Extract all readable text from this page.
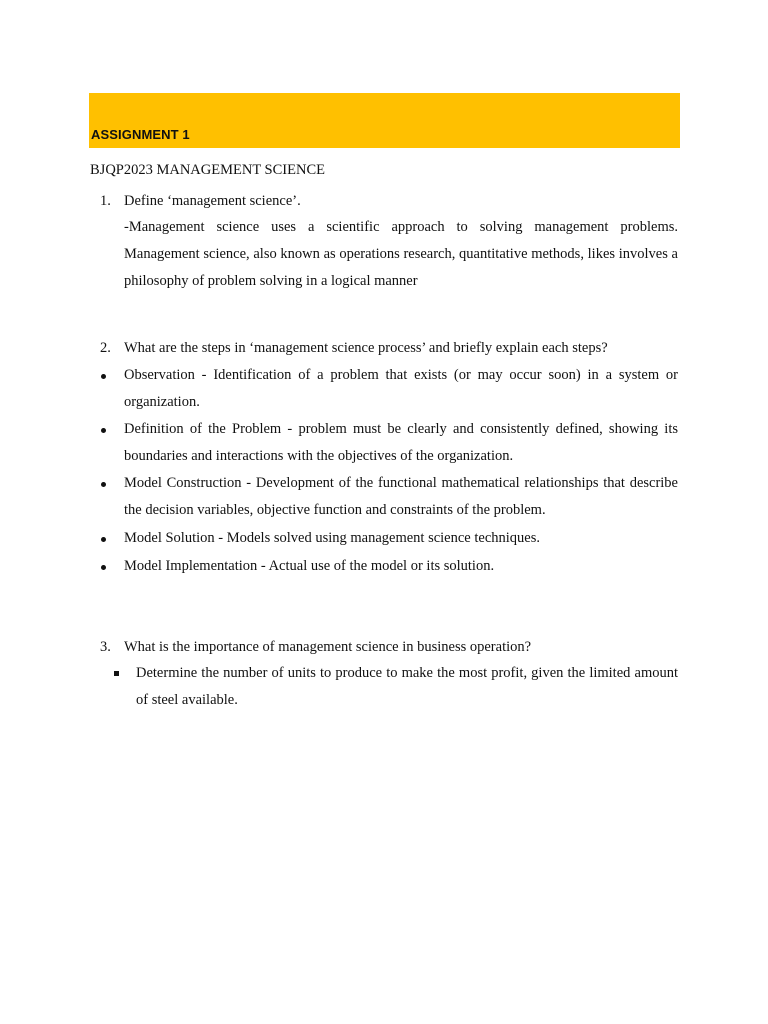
ASSIGNMENT 1
BJQP2023 MANAGEMENT SCIENCE
1. Define ‘management science’.
-Management science uses a scientific approach to solving management problems. Management science, also known as operations research, quantitative methods, likes involves a philosophy of problem solving in a logical manner
2. What are the steps in ‘management science process’ and briefly explain each steps?
Observation - Identification of a problem that exists (or may occur soon) in a system or organization.
Definition of the Problem - problem must be clearly and consistently defined, showing its boundaries and interactions with the objectives of the organization.
Model Construction - Development of the functional mathematical relationships that describe the decision variables, objective function and constraints of the problem.
Model Solution - Models solved using management science techniques.
Model Implementation - Actual use of the model or its solution.
3. What is the importance of management science in business operation?
Determine the number of units to produce to make the most profit, given the limited amount of steel available.
